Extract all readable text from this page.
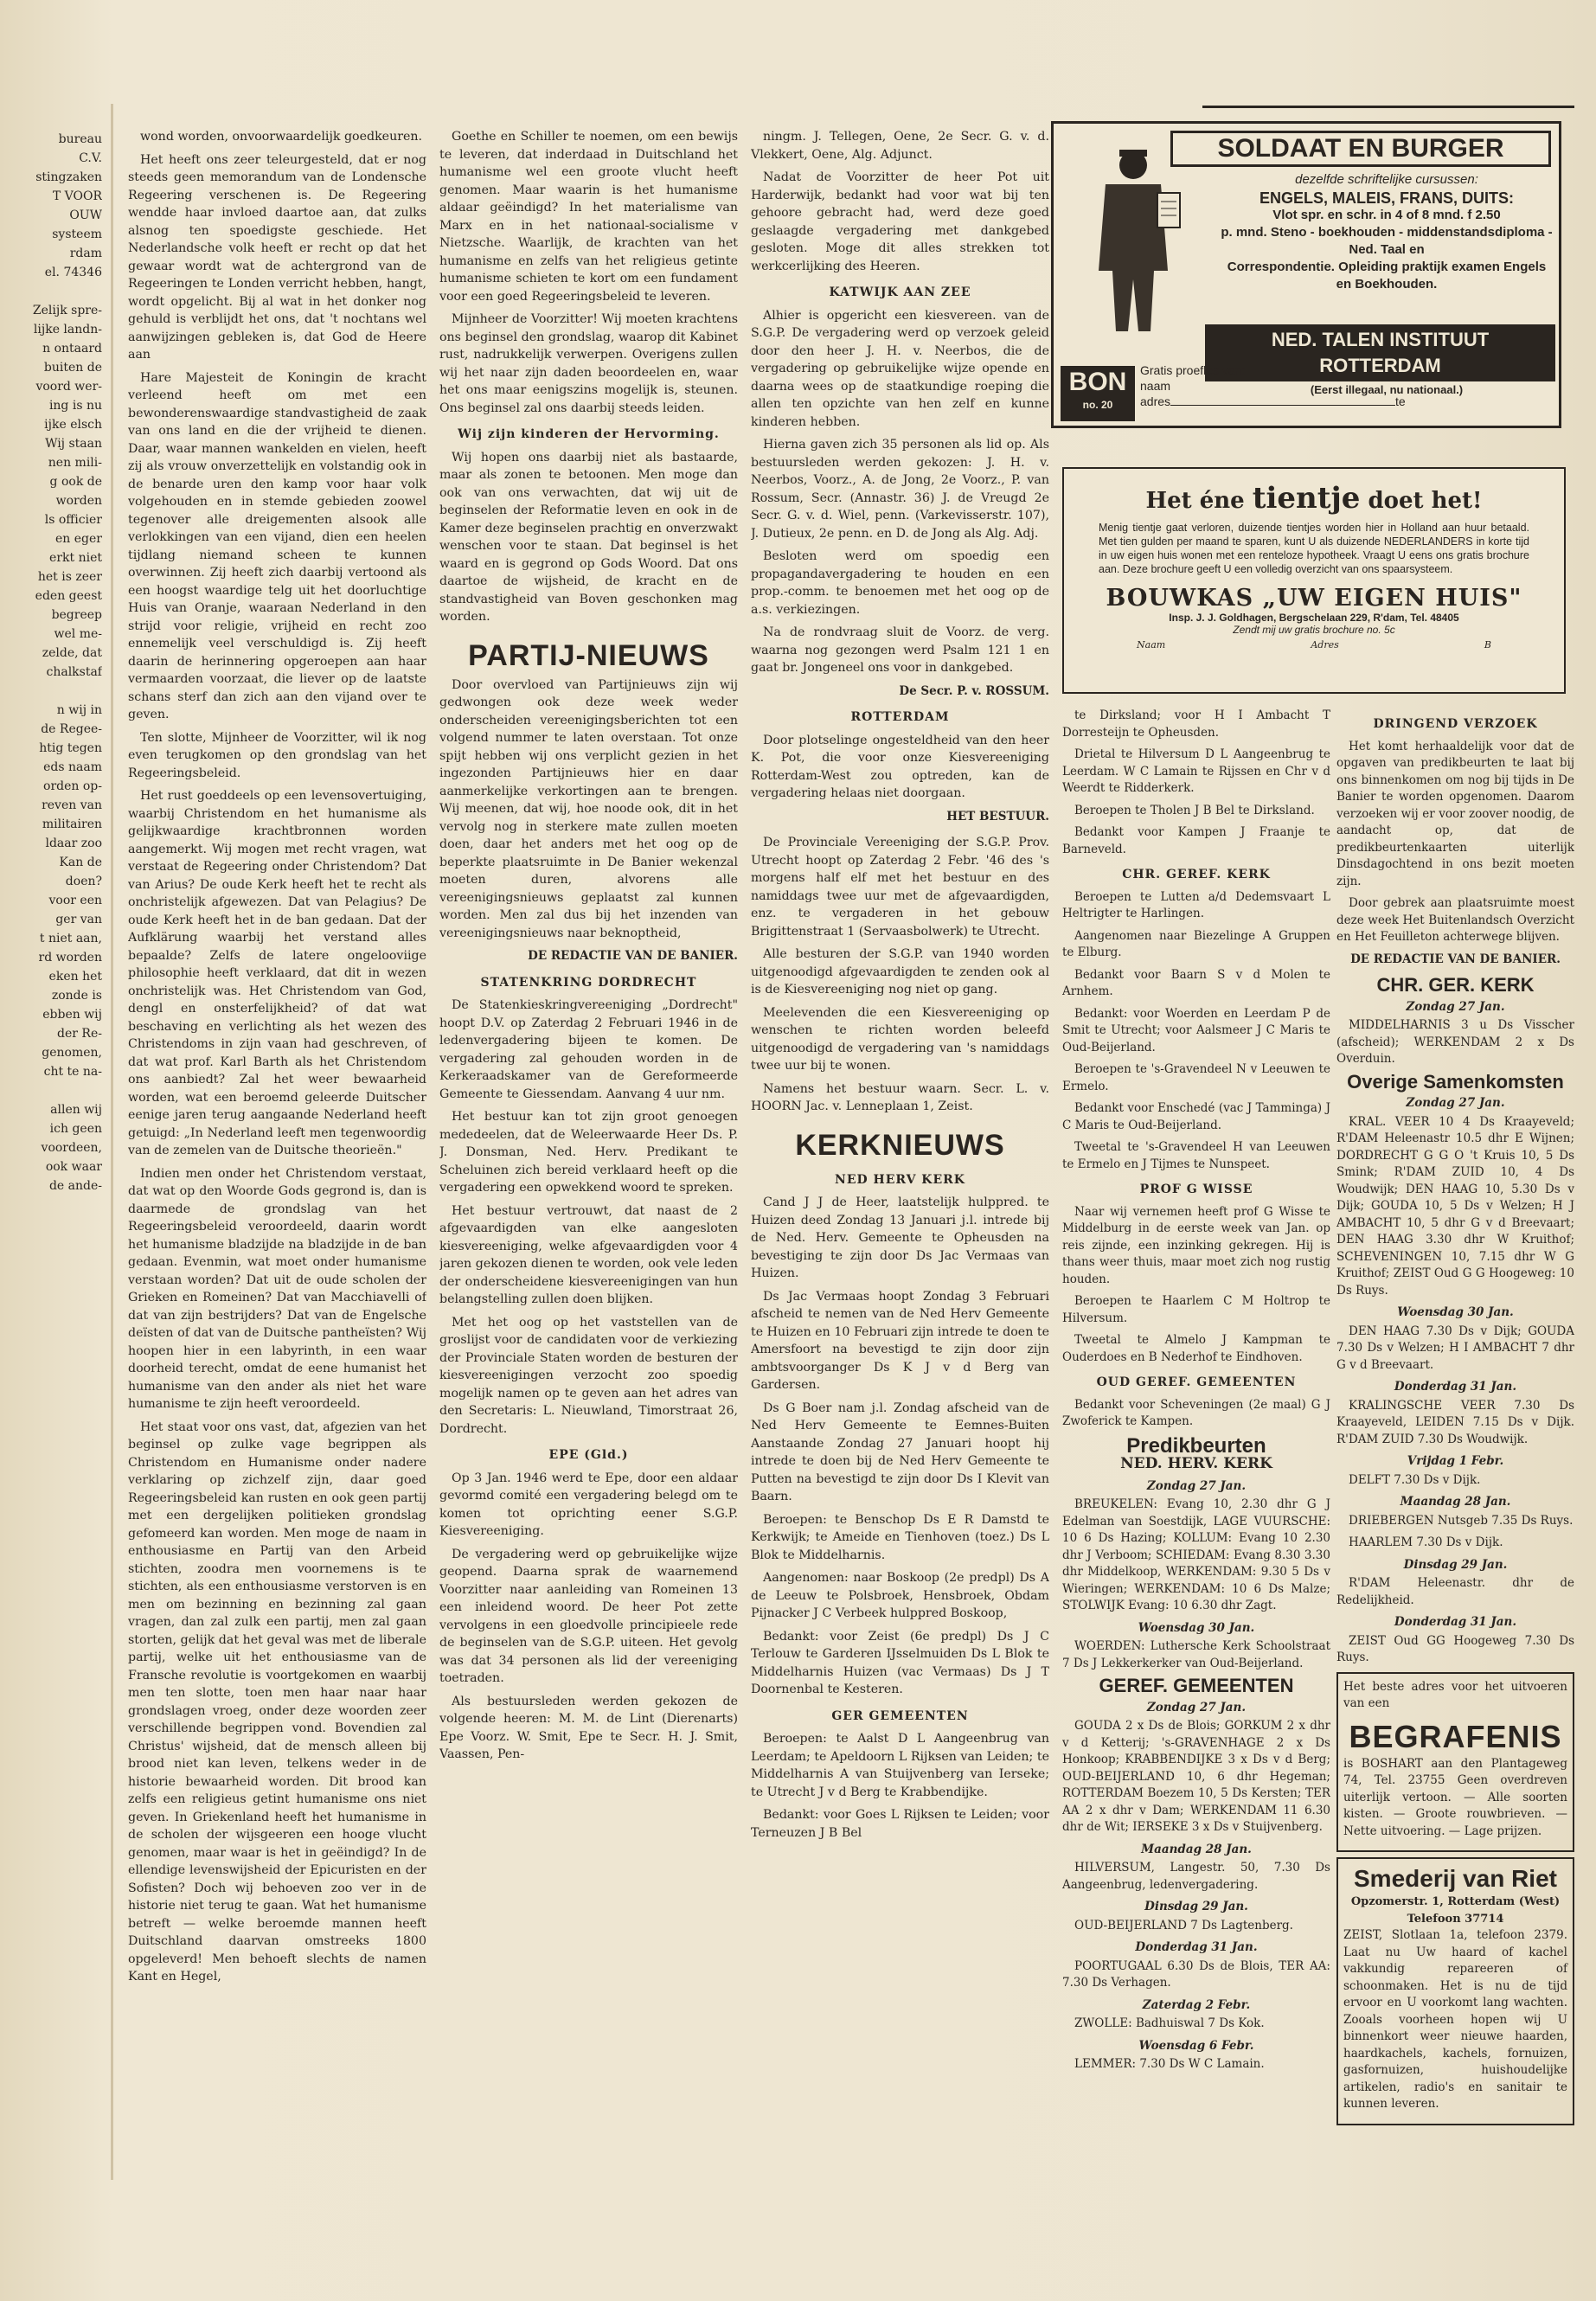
bureau
C.V.
stingzaken
T VOOR
OUW
systeem
rdam
el. 74346

Zelijk spre-
lijke landn-
n ontaard
buiten de
voord wer-
ing is nu
ijke elsch
Wij staan
nen mili-
g ook de
worden
ls officier
en eger
erkt niet
het is zeer
eden geest
begreep
wel me-
zelde, dat
chalkstaf

n wij in
de Regee-
htig tegen
eds naam
orden op-
reven van
militairen
ldaar zoo
Kan de
doen?
voor een
ger van
t niet aan,
rd worden
eken het
zonde is
ebben wij
der Re-
genomen,
cht te na-

allen wij
ich geen
voordeen,
ook waar
de ande-

wond worden, onvoorwaardelijk goedkeuren.

Het heeft ons zeer teleurgesteld, dat er nog steeds geen memorandum van de Londensche Regeering verschenen is. De Regeering wendde haar invloed daartoe aan, dat zulks alsnog ten spoedigste geschiede. Het Nederlandsche volk heeft er recht op dat het gewaar wordt wat de achtergrond van de Regeeringen te Londen verricht hebben, hangt, wordt opgelicht. Bij al wat in het donker nog gehuld is verblijdt het ons, dat 't nochtans wel aanwijzingen gebleken is, dat God de Heere aan

Hare Majesteit de Koningin de kracht verleend heeft om met een bewonderenswaardige standvastigheid de zaak van ons land en die der vrijheid te dienen. Daar, waar mannen wankelden en vielen, heeft zij als vrouw onverzettelijk en volstandig ook in de benarde uren den kamp voor haar volk volgehouden en in stemde gebieden zoowel tegenover alle dreigementen alsook alle verlokkingen van een vijand, dien een heelen tijdlang niemand scheen te kunnen overwinnen. Zij heeft zich daarbij vertoond als een hoogst waardige telg uit het doorluchtige Huis van Oranje, waaraan Nederland in den strijd voor religie, vrijheid en recht zoo ennemelijk veel verschuldigd is. Zij heeft daarin de herinnering opgeroepen aan haar vermaarden voorzaat, die liever op de laatste schans sterf dan zich aan den vijand over te geven.

Ten slotte, Mijnheer de Voorzitter, wil ik nog even terugkomen op den grondslag van het Regeeringsbeleid.

Het rust goeddeels op een levensovertuiging, waarbij Christendom en het humanisme als gelijkwaardige krachtbronnen worden aangemerkt. Wij mogen met recht vragen, wat verstaat de Regeering onder Christendom? Dat van Arius? De oude Kerk heeft het te recht als onchristelijk afgewezen. Dat van Pelagius? De oude Kerk heeft het in de ban gedaan. Dat der Aufklärung waarbij het verstand alles bepaalde? Zelfs de latere ongelooviige philosophie heeft verklaard, dat dit in wezen onchristelijk was. Het Christendom van God, dengl en onsterfelijkheid? of dat wat beschaving en verlichting als het wezen des Christendoms in zijn vaan had geschreven, of dat wat prof. Karl Barth als het Christendom ons aanbiedt? Zal het weer bewaarheid worden, wat een beroemd geleerde Duitscher eenige jaren terug aangaande Nederland heeft getuigd: „In Nederland leeft men tegenwoordig van de zemelen van de Duitsche theorieën."

Indien men onder het Christendom verstaat, dat wat op den Woorde Gods gegrond is, dan is daarmede de grondslag van het Regeeringsbeleid veroordeeld, daarin wordt het humanisme bladzijde na bladzijde in de ban gedaan. Evenmin, wat moet onder humanisme verstaan worden? Dat uit de oude scholen der Grieken en Romeinen? Dat van Macchiavelli of dat van zijn bestrijders? Dat van de Engelsche deïsten of dat van de Duitsche pantheïsten? Wij hoopen hier in een labyrinth, in een waar doorheid terecht, omdat de eene humanist het humanisme van den ander als niet het ware humanisme te zijn heeft veroordeeld.

Het staat voor ons vast, dat, afgezien van het beginsel op zulke vage begrippen als Christendom en Humanisme onder nadere verklaring op zichzelf zijn, daar goed Regeeringsbeleid kan rusten en ook geen partij met een dergelijken politieken grondslag gefomeerd kan worden. Men moge de naam in enthousiasme en Partij van den Arbeid stichten, zoodra men voornemens is te stichten, als een enthousiasme verstorven is en men om bezinning en bezinning zal gaan vragen, dan zal zulk een partij, men zal gaan storten, gelijk dat het geval was met de liberale partij, welke uit het enthousiasme van de Fransche revolutie is voortgekomen en waarbij men ten slotte, toen men haar naar haar grondslagen vroeg, onder deze woorden zeer verschillende begrippen vond. Bovendien zal Christus' wijsheid, dat de mensch alleen bij brood niet kan leven, telkens weder in de historie bewaarheid worden. Dit brood kan zelfs een religieus getint humanisme ons niet geven. In Griekenland heeft het humanisme in de scholen der wijsgeeren een hooge vlucht genomen, maar waar is het in geëindigd? In de ellendige levenswijsheid der Epicuristen en der Sofisten? Doch wij behoeven zoo ver in de historie niet terug te gaan. Wat het humanisme betreft — welke beroemde mannen heeft Duitschland daarvan omstreeks 1800 opgeleverd! Men behoeft slechts de namen Kant en Hegel,

Goethe en Schiller te noemen, om een bewijs te leveren, dat inderdaad in Duitschland het humanisme wel een groote vlucht heeft genomen. Maar waarin is het humanisme aldaar geëindigd? In het materialisme van Marx en in het nationaal-socialisme v Nietzsche. Waarlijk, de krachten van het humanisme en zelfs van het religieus getinte humanisme schieten te kort om een fundament voor een goed Regeeringsbeleid te leveren.

Mijnheer de Voorzitter! Wij moeten krachtens ons beginsel den grondslag, waarop dit Kabinet rust, nadrukkelijk verwerpen. Overigens zullen wij het naar zijn daden beoordeelen en, waar het ons maar eenigszins mogelijk is, steunen. Ons beginsel zal ons daarbij steeds leiden.

Wij zijn kinderen der Hervorming.

Wij hopen ons daarbij niet als bastaarde, maar als zonen te betoonen. Men moge dan ook van ons verwachten, dat wij uit de beginselen der Reformatie leven en ook in de Kamer deze beginselen prachtig en onverzwakt wenschen voor te staan. Dat beginsel is het waard en is gegrond op Gods Woord. Dat ons daartoe de wijsheid, de kracht en de standvastigheid van Boven geschonken mag worden.

PARTIJ-NIEUWS

Door overvloed van Partijnieuws zijn wij gedwongen ook deze week weder onderscheiden vereenigingsberichten tot een volgend nummer te laten overstaan. Tot onze spijt hebben wij ons verplicht gezien in het ingezonden Partijnieuws hier en daar aanmerkelijke verkortingen aan te brengen. Wij meenen, dat wij, hoe noode ook, dit in het vervolg nog in sterkere mate zullen moeten doen, daar het anders met het oog op de beperkte plaatsruimte in De Banier wekenzal moeten duren, alvorens alle vereenigingsnieuws geplaatst zal kunnen worden. Men zal dus bij het inzenden van vereenigingsnieuws naar beknoptheid,

DE REDACTIE VAN DE BANIER.
STATENKRING DORDRECHT

De Statenkieskringvereeniging „Dordrecht" hoopt D.V. op Zaterdag 2 Februari 1946 in de ledenvergadering bijeen te komen. De vergadering zal gehouden worden in de Kerkeraadskamer van de Gereformeerde Gemeente te Giessendam. Aanvang 4 uur nm.

Het bestuur kan tot zijn groot genoegen mededeelen, dat de Weleerwaarde Heer Ds. P. J. Donsman, Ned. Herv. Predikant te Scheluinen zich bereid verklaard heeft op die vergadering een opwekkend woord te spreken.

Het bestuur vertrouwt, dat naast de 2 afgevaardigden van elke aangesloten kiesvereeniging, welke afgevaardigden voor 4 jaren gekozen dienen te worden, ook vele leden der onderscheidene kiesvereenigingen van hun belangstelling zullen doen blijken.

Met het oog op het vaststellen van de groslijst voor de candidaten voor de verkiezing der Provinciale Staten worden de besturen der kiesvereenigingen verzocht zoo spoedig mogelijk namen op te geven aan het adres van den Secretaris: L. Nieuwland, Timorstraat 26, Dordrecht.

EPE (Gld.)

Op 3 Jan. 1946 werd te Epe, door een aldaar gevormd comité een vergadering belegd om te komen tot oprichting eener S.G.P. Kiesvereeniging.

De vergadering werd op gebruikelijke wijze geopend. Daarna sprak de waarnemend Voorzitter naar aanleiding van Romeinen 13 een inleidend woord. De heer Pot zette vervolgens in een gloedvolle principieele rede de beginselen van de S.G.P. uiteen. Het gevolg was dat 34 personen als lid der vereeniging toetraden.

Als bestuursleden werden gekozen de volgende heeren: M. M. de Lint (Dierenarts) Epe Voorz. W. Smit, Epe te Secr. H. J. Smit, Vaassen, Pen-

ningm. J. Tellegen, Oene, 2e Secr. G. v. d. Vlekkert, Oene, Alg. Adjunct.

Nadat de Voorzitter de heer Pot uit Harderwijk, bedankt had voor wat bij ten gehoore gebracht had, werd deze goed geslaagde vergadering met dankgebed gesloten. Moge dit alles strekken tot werkcerlijking des Heeren.

KATWIJK AAN ZEE

Alhier is opgericht een kiesvereen. van de S.G.P. De vergadering werd op verzoek geleid door den heer J. H. v. Neerbos, die de vergadering op gebruikelijke wijze opende en daarna wees op de staatkundige roeping die allen ten opzichte van hen zelf en kunne kinderen hebben.

Hierna gaven zich 35 personen als lid op. Als bestuursleden werden gekozen: J. H. v. Neerbos, Voorz., A. de Jong, 2e Voorz., P. van Rossum, Secr. (Annastr. 36) J. de Vreugd 2e Secr. G. v. d. Wiel, penn. (Varkevisserstr. 107), J. Dutieux, 2e penn. en D. de Jong als Alg. Adj.

Besloten werd om spoedig een propagandavergadering te houden en een prop.-comm. te benoemen met het oog op de a.s. verkiezingen.

Na de rondvraag sluit de Voorz. de verg. waarna nog gezongen werd Psalm 121 1 en gaat br. Jongeneel ons voor in dankgebed.

De Secr. P. v. ROSSUM.
ROTTERDAM

Door plotselinge ongesteldheid van den heer K. Pot, die voor onze Kiesvereeniging Rotterdam-West zou optreden, kan de vergadering helaas niet doorgaan.

HET BESTUUR.

De Provinciale Vereeniging der S.G.P. Prov. Utrecht hoopt op Zaterdag 2 Febr. '46 des 's morgens half elf met het bestuur en des namiddags twee uur met de afgevaardigden, enz. te vergaderen in het gebouw Brigittenstraat 1 (Servaasbolwerk) te Utrecht.

Alle besturen der S.G.P. van 1940 worden uitgenoodigd afgevaardigden te zenden ook al is de Kiesvereeniging nog niet op gang.

Meelevenden die een Kiesvereeniging op wenschen te richten worden beleefd uitgenoodigd de vergadering van 's namiddags twee uur bij te wonen.

Namens het bestuur waarn. Secr. L. v. HOORN Jac. v. Lenneplaan 1, Zeist.

KERKNIEUWS
NED HERV KERK

Cand J J de Heer, laatstelijk hulppred. te Huizen deed Zondag 13 Januari j.l. intrede bij de Ned. Herv. Gemeente te Opheusden na bevestiging te zijn door Ds Jac Vermaas van Huizen.

Ds Jac Vermaas hoopt Zondag 3 Februari afscheid te nemen van de Ned Herv Gemeente te Huizen en 10 Februari zijn intrede te doen te Amersfoort na bevestigd te zijn door zijn ambtsvoorganger Ds K J v d Berg van Gardersen.

Ds G Boer nam j.l. Zondag afscheid van de Ned Herv Gemeente te Eemnes-Buiten Aanstaande Zondag 27 Januari hoopt hij intrede te doen bij de Ned Herv Gemeente te Putten na bevestigd te zijn door Ds I Klevit van Baarn.

Beroepen: te Benschop Ds E R Damstd te Kerkwijk; te Ameide en Tienhoven (toez.) Ds L Blok te Middelharnis.

Aangenomen: naar Boskoop (2e predpl) Ds A de Leeuw te Polsbroek, Hensbroek, Obdam Pijnacker J C Verbeek hulppred Boskoop,

Bedankt: voor Zeist (6e predpl) Ds J C Terlouw te Garderen IJsselmuiden Ds L Blok te Middelharnis Huizen (vac Vermaas) Ds J T Doornenbal te Kesteren.

GER GEMEENTEN

Beroepen: te Aalst D L Aangeenbrug van Leerdam; te Apeldoorn L Rijksen van Leiden; te Middelharnis A van Stuijvenberg van Ierseke; te Utrecht J v d Berg te Krabbendijke.

Bedankt: voor Goes L Rijksen te Leiden; voor Terneuzen J B Bel

SOLDAAT EN BURGER
dezelfde schriftelijke cursussen:
ENGELS, MALEIS, FRANS, DUITS:
Vlot spr. en schr. in 4 of 8 mnd. f 2.50
p. mnd. Steno - boekhouden - middenstandsdiploma - Ned. Taal en
Correspondentie. Opleiding praktijk examen Engels en Boekhouden.
NED. TALEN INSTITUUT
ROTTERDAM
(Eerst illegaal, nu nationaal.)
BON
no. 20
Gratis proefles van:
naam
adres	te
Het éne tientje doet het!
Menig tientje gaat verloren, duizende tientjes worden hier in Holland aan huur betaald. Met tien gulden per maand te sparen, kunt U als duizende NEDERLANDERS in korte tijd in uw eigen huis wonen met een renteloze hypotheek. Vraagt U eens ons gratis brochure aan. Deze brochure geeft U een volledig overzicht van ons spaarsysteem.
BOUWKAS „UW EIGEN HUIS"
Insp. J. J. Goldhagen, Bergschelaan 229, R'dam, Tel. 48405
Zendt mij uw gratis brochure no. 5c
Naam	Adres	B

te Dirksland; voor H I Ambacht T Dorresteijn te Opheusden.

Drietal te Hilversum D L Aangeenbrug te Leerdam. W C Lamain te Rijssen en Chr v d Weerdt te Ridderkerk.

Beroepen te Tholen J B Bel te Dirksland.

Bedankt voor Kampen J Fraanje te Barneveld.

CHR. GEREF. KERK

Beroepen te Lutten a/d Dedemsvaart L Heltrigter te Harlingen.

Aangenomen naar Biezelinge A Gruppen te Elburg.

Bedankt voor Baarn S v d Molen te Arnhem.

Bedankt: voor Woerden en Leerdam P de Smit te Utrecht; voor Aalsmeer J C Maris te Oud-Beijerland.

Beroepen te 's-Gravendeel N v Leeuwen te Ermelo.

Bedankt voor Enschedé (vac J Tamminga) J C Maris te Oud-Beijerland.

Tweetal te 's-Gravendeel H van Leeuwen te Ermelo en J Tijmes te Nunspeet.

PROF G WISSE

Naar wij vernemen heeft prof G Wisse te Middelburg in de eerste week van Jan. op reis zijnde, een inzinking gekregen. Hij is thans weer thuis, maar moet zich nog rustig houden.

Beroepen te Haarlem C M Holtrop te Hilversum.

Tweetal te Almelo J Kampman te Ouderdoes en B Nederhof te Eindhoven.

OUD GEREF. GEMEENTEN

Bedankt voor Scheveningen (2e maal) G J Zwoferick te Kampen.

Predikbeurten
NED. HERV. KERK
Zondag 27 Jan.

BREUKELEN: Evang 10, 2.30 dhr G J Edelman van Soestdijk, LAGE VUURSCHE: 10 6 Ds Hazing; KOLLUM: Evang 10 2.30 dhr J Verboom; SCHIEDAM: Evang 8.30 3.30 dhr Middelkoop, WERKENDAM: 9.30 5 Ds v Wieringen; WERKENDAM: 10 6 Ds Malze; STOLWIJK Evang: 10 6.30 dhr Zagt.

Woensdag 30 Jan.

WOERDEN: Luthersche Kerk Schoolstraat 7 Ds J Lekkerkerker van Oud-Beijerland.

GEREF. GEMEENTEN
Zondag 27 Jan.

GOUDA 2 x Ds de Blois; GORKUM 2 x dhr v d Ketterij; 's-GRAVENHAGE 2 x Ds Honkoop; KRABBENDIJKE 3 x Ds v d Berg; OUD-BEIJERLAND 10, 6 dhr Hegeman; ROTTERDAM Boezem 10, 5 Ds Kersten; TER AA 2 x dhr v Dam; WERKENDAM 11 6.30 dhr de Wit; IERSEKE 3 x Ds v Stuijvenberg.

Maandag 28 Jan.

HILVERSUM, Langestr. 50, 7.30 Ds Aangeenbrug, ledenvergadering.

Dinsdag 29 Jan.

OUD-BEIJERLAND 7 Ds Lagtenberg.

Donderdag 31 Jan.

POORTUGAAL 6.30 Ds de Blois, TER AA: 7.30 Ds Verhagen.

Zaterdag 2 Febr.

ZWOLLE: Badhuiswal 7 Ds Kok.

Woensdag 6 Febr.

LEMMER: 7.30 Ds W C Lamain.

DRINGEND VERZOEK

Het komt herhaaldelijk voor dat de opgaven van predikbeurten te laat bij ons binnenkomen om nog bij tijds in De Banier te worden opgenomen. Daarom verzoeken wij er voor zoover noodig, de aandacht op, dat de predikbeurtenkaarten uiterlijk Dinsdagochtend in ons bezit moeten zijn.

Door gebrek aan plaatsruimte moest deze week Het Buitenlandsch Overzicht en Het Feuilleton achterwege blijven.

DE REDACTIE VAN DE BANIER.
CHR. GER. KERK
Zondag 27 Jan.

MIDDELHARNIS 3 u Ds Visscher (afscheid); WERKENDAM 2 x Ds Overduin.

Overige Samenkomsten
Zondag 27 Jan.

KRAL. VEER 10 4 Ds Kraayeveld; R'DAM Heleenastr 10.5 dhr E Wijnen; DORDRECHT G G O 't Kruis 10, 5 Ds Smink; R'DAM ZUID 10, 4 Ds Woudwijk; DEN HAAG 10, 5.30 Ds v Dijk; GOUDA 10, 5 Ds v Welzen; H J AMBACHT 10, 5 dhr G v d Breevaart; DEN HAAG 3.30 dhr W Kruithof; SCHEVENINGEN 10, 7.15 dhr W G Kruithof; ZEIST Oud G G Hoogeweg: 10 Ds Ruys.

Woensdag 30 Jan.

DEN HAAG 7.30 Ds v Dijk; GOUDA 7.30 Ds v Welzen; H I AMBACHT 7 dhr G v d Breevaart.

Donderdag 31 Jan.

KRALINGSCHE VEER 7.30 Ds Kraayeveld, LEIDEN 7.15 Ds v Dijk. R'DAM ZUID 7.30 Ds Woudwijk.

Vrijdag 1 Febr.

DELFT 7.30 Ds v Dijk.

Maandag 28 Jan.

DRIEBERGEN Nutsgeb 7.35 Ds Ruys.

HAARLEM 7.30 Ds v Dijk.

Dinsdag 29 Jan.

R'DAM Heleenastr. dhr de Redelijkheid.

Donderdag 31 Jan.

ZEIST Oud GG Hoogeweg 7.30 Ds Ruys.

Het beste adres voor het uitvoeren van een

BEGRAFENIS

is BOSHART aan den Plantageweg 74, Tel. 23755 Geen overdreven uiterlijk vertoon. — Alle soorten kisten. — Groote rouwbrieven. — Nette uitvoering. — Lage prijzen.

Smederij van Riet
Opzomerstr. 1, Rotterdam (West) Telefoon 37714

ZEIST, Slotlaan 1a, telefoon 2379. Laat nu Uw haard of kachel vakkundig repareeren of schoonmaken. Het is nu de tijd ervoor en U voorkomt lang wachten. Zooals voorheen hopen wij U binnenkort weer nieuwe haarden, haardkachels, kachels, fornuizen, gasfornuizen, huishoudelijke artikelen, radio's en sanitair te kunnen leveren.
